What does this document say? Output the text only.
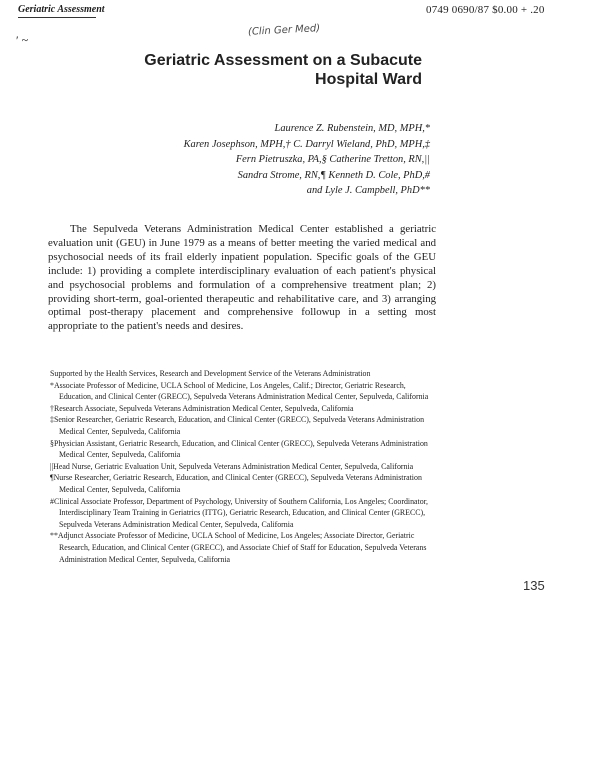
Geriatric Assessment	0749 0690/87 $0.00 + .20
(Clin Ger Med)
′ ~
Geriatric Assessment on a Subacute
Hospital Ward
Laurence Z. Rubenstein, MD, MPH,*
Karen Josephson, MPH,† C. Darryl Wieland, PhD, MPH,‡
Fern Pietruszka, PA,§ Catherine Tretton, RN,||
Sandra Strome, RN,¶ Kenneth D. Cole, PhD,#
and Lyle J. Campbell, PhD**

The Sepulveda Veterans Administration Medical Center established a geriatric evaluation unit (GEU) in June 1979 as a means of better meeting the varied medical and psychosocial needs of its frail elderly inpatient population. Specific goals of the GEU include: 1) providing a complete interdisciplinary evaluation of each patient's physical and psychosocial problems and formulation of a comprehensive treatment plan; 2) providing short-term, goal-oriented therapeutic and rehabilitative care, and 3) arranging optimal post-therapy placement and comprehensive followup in a setting most appropriate to the patient's needs and desires.

Supported by the Health Services, Research and Development Service of the Veterans Administration
*Associate Professor of Medicine, UCLA School of Medicine, Los Angeles, Calif.; Director, Geriatric Research, Education, and Clinical Center (GRECC), Sepulveda Veterans Administration Medical Center, Sepulveda, California
†Research Associate, Sepulveda Veterans Administration Medical Center, Sepulveda, California
‡Senior Researcher, Geriatric Research, Education, and Clinical Center (GRECC), Sepulveda Veterans Administration Medical Center, Sepulveda, California
§Physician Assistant, Geriatric Research, Education, and Clinical Center (GRECC), Sepulveda Veterans Administration Medical Center, Sepulveda, California
||Head Nurse, Geriatric Evaluation Unit, Sepulveda Veterans Administration Medical Center, Sepulveda, California
¶Nurse Researcher, Geriatric Research, Education, and Clinical Center (GRECC), Sepulveda Veterans Administration Medical Center, Sepulveda, California
#Clinical Associate Professor, Department of Psychology, University of Southern California, Los Angeles; Coordinator, Interdisciplinary Team Training in Geriatrics (ITTG), Geriatric Research, Education, and Clinical Center (GRECC), Sepulveda Veterans Administration Medical Center, Sepulveda, California
**Adjunct Associate Professor of Medicine, UCLA School of Medicine, Los Angeles; Associate Director, Geriatric Research, Education, and Clinical Center (GRECC), and Associate Chief of Staff for Education, Sepulveda Veterans Administration Medical Center, Sepulveda, California
135
